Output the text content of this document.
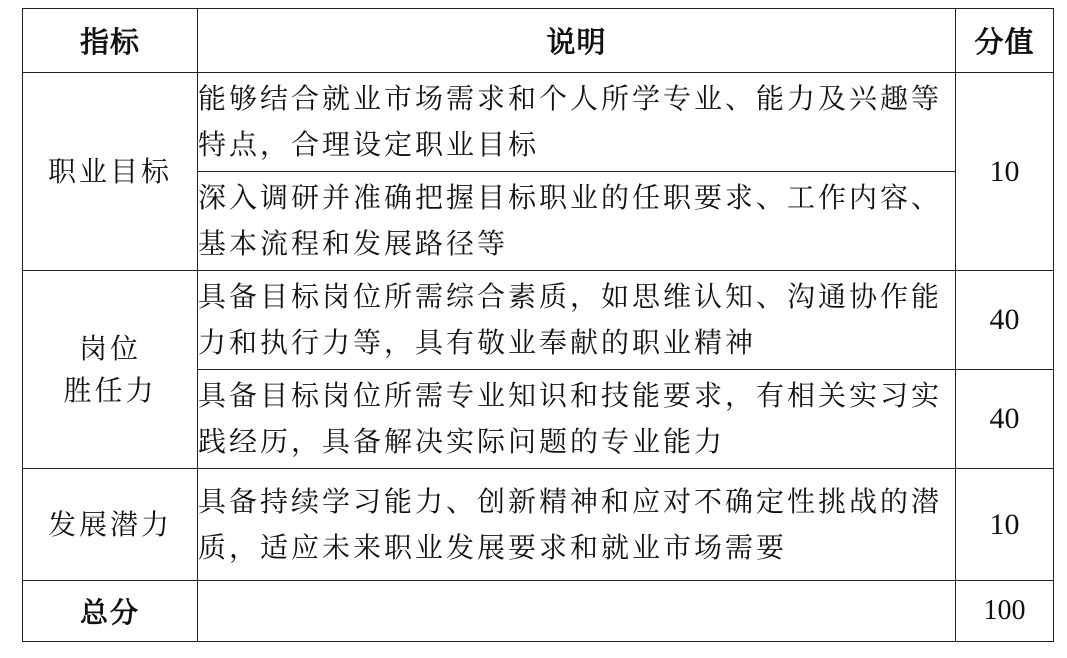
指标	说明	分值

职业目标	能够结合就业市场需求和个人所学专业、能力及兴趣等特点，合理设定职业目标	10
	深入调研并准确把握目标职业的任职要求、工作内容、基本流程和发展路径等	

岗位
胜任力	具备目标岗位所需综合素质，如思维认知、沟通协作能力和执行力等，具有敬业奉献的职业精神	40
	具备目标岗位所需专业知识和技能要求，有相关实习实践经历，具备解决实际问题的专业能力	40

发展潜力	具备持续学习能力、创新精神和应对不确定性挑战的潜质，适应未来职业发展要求和就业市场需要	10
总分		100
